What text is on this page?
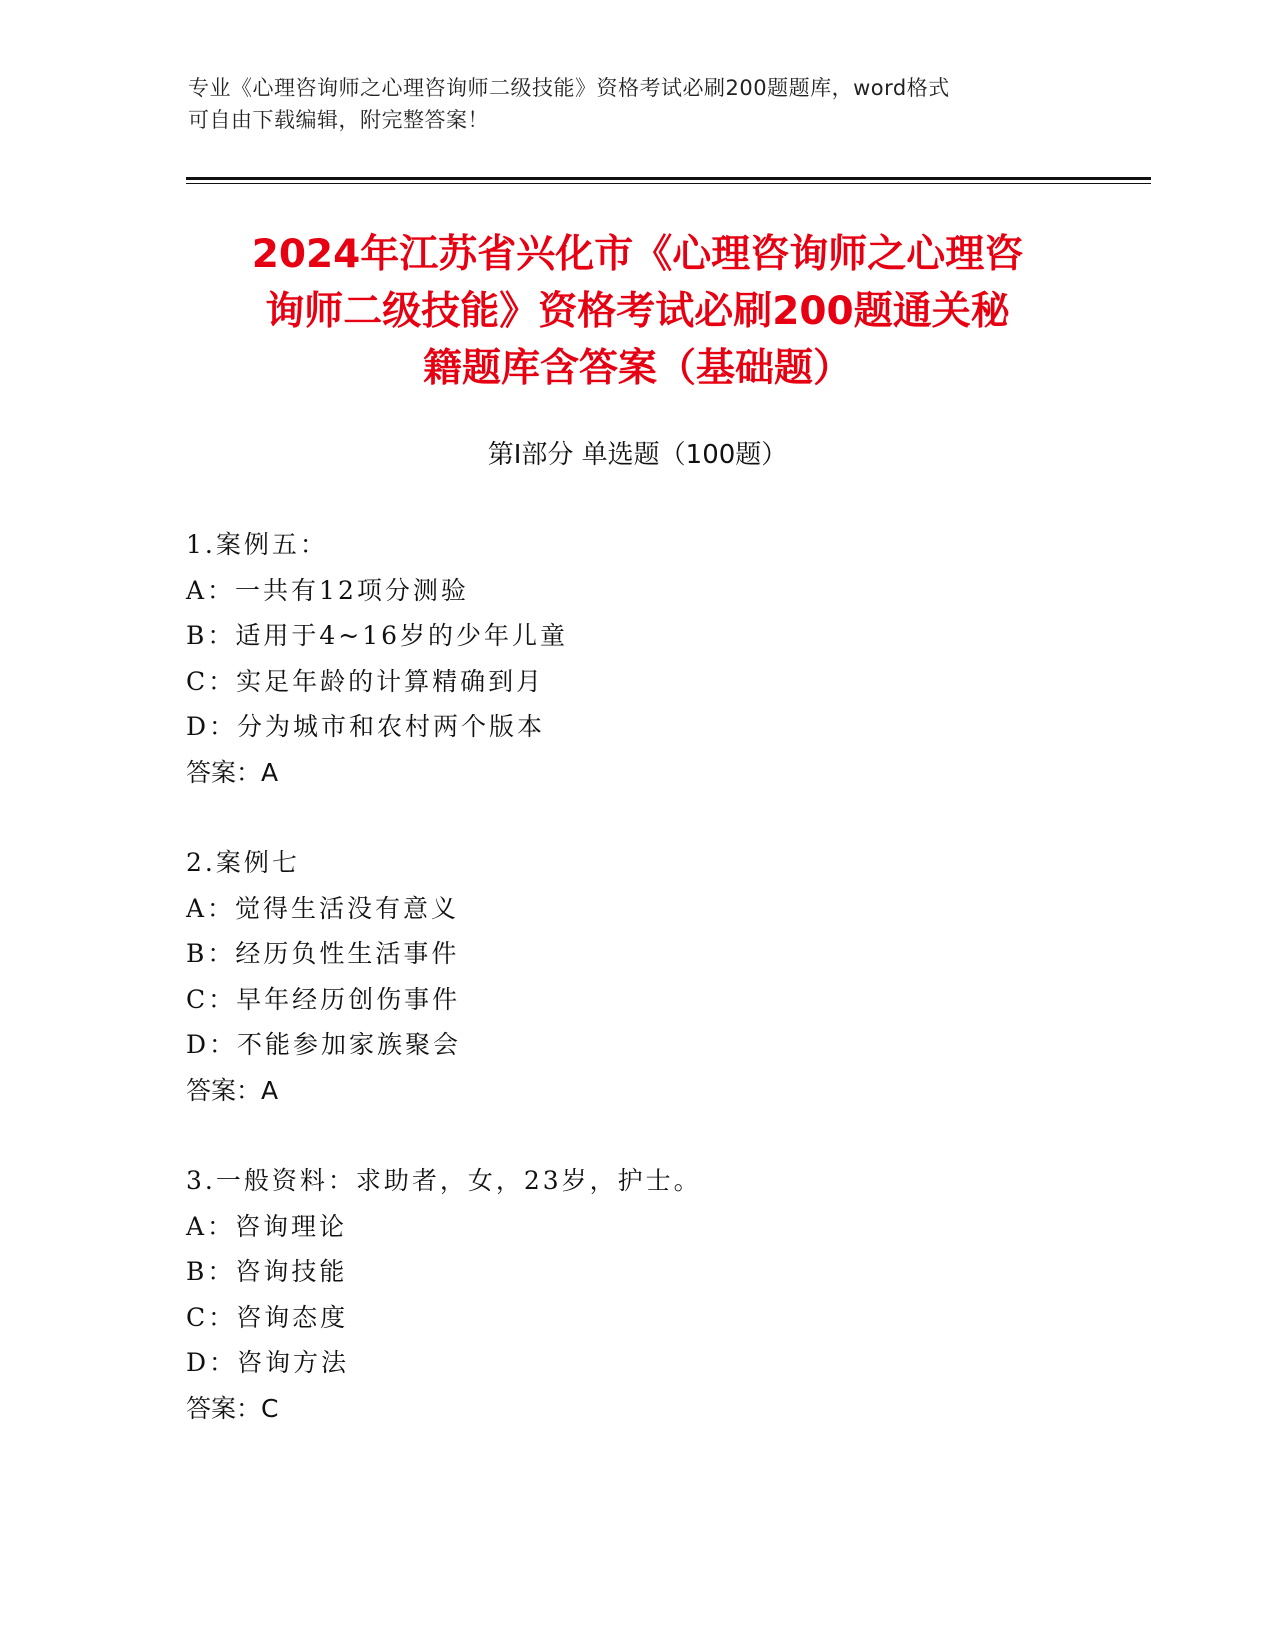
专业《心理咨询师之心理咨询师二级技能》资格考试必刷200题题库，word格式
可自由下载编辑，附完整答案！
2024年江苏省兴化市《心理咨询师之心理咨
询师二级技能》资格考试必刷200题通关秘
籍题库含答案（基础题）
第Ⅰ部分 单选题（100题）
1.案例五：
A：一共有12项分测验
B：适用于4~16岁的少年儿童
C：实足年龄的计算精确到月
D：分为城市和农村两个版本
答案：A
2.案例七
A：觉得生活没有意义
B：经历负性生活事件
C：早年经历创伤事件
D：不能参加家族聚会
答案：A
3.一般资料：求助者，女，23岁，护士。
A：咨询理论
B：咨询技能
C：咨询态度
D：咨询方法
答案：C
